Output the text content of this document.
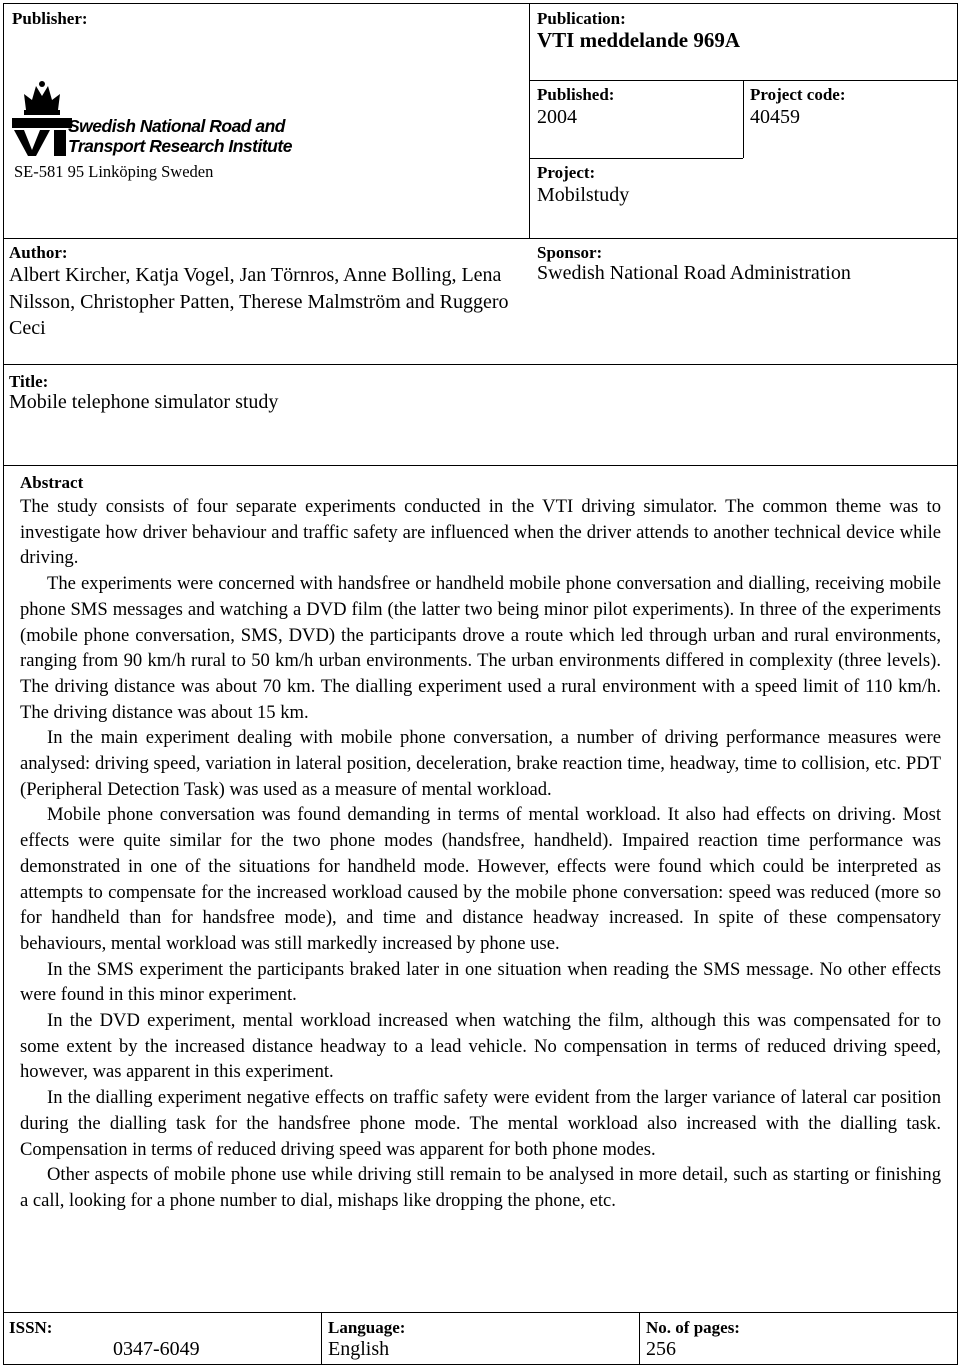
Publisher:
Swedish National Road and
Transport Research Institute
SE-581 95 Linköping Sweden
Publication:
VTI meddelande 969A
Published:
2004
Project code:
40459
Project:
Mobilstudy
Author:
Albert Kircher, Katja Vogel, Jan Törnros, Anne Bolling, Lena Nilsson, Christopher Patten, Therese Malmström and Ruggero Ceci
Sponsor:
Swedish National Road Administration
Title:
Mobile telephone simulator study
Abstract

The study consists of four separate experiments conducted in the VTI driving simulator. The common theme was to investigate how driver behaviour and traffic safety are influenced when the driver attends to another technical device while driving.

The experiments were concerned with handsfree or handheld mobile phone conversation and dialling, receiving mobile phone SMS messages and watching a DVD film (the latter two being minor pilot experiments). In three of the experiments (mobile phone conversation, SMS, DVD) the participants drove a route which led through urban and rural environments, ranging from 90 km/h rural to 50 km/h urban environments. The urban environments differed in complexity (three levels). The driving distance was about 70 km. The dialling experiment used a rural environment with a speed limit of 110 km/h. The driving distance was about 15 km.

In the main experiment dealing with mobile phone conversation, a number of driving performance measures were analysed: driving speed, variation in lateral position, deceleration, brake reaction time, headway, time to collision, etc. PDT (Peripheral Detection Task) was used as a measure of mental workload.

Mobile phone conversation was found demanding in terms of mental workload. It also had effects on driving. Most effects were quite similar for the two phone modes (handsfree, handheld). Impaired reaction time performance was demonstrated in one of the situations for handheld mode. However, effects were found which could be interpreted as attempts to compensate for the increased workload caused by the mobile phone conversation: speed was reduced (more so for handheld than for handsfree mode), and time and distance headway increased. In spite of these compensatory behaviours, mental workload was still markedly increased by phone use.

In the SMS experiment the participants braked later in one situation when reading the SMS message. No other effects were found in this minor experiment.

In the DVD experiment, mental workload increased when watching the film, although this was compensated for to some extent by the increased distance headway to a lead vehicle. No compensation in terms of reduced driving speed, however, was apparent in this experiment.

In the dialling experiment negative effects on traffic safety were evident from the larger variance of lateral car position during the dialling task for the handsfree phone mode. The mental workload also increased with the dialling task. Compensation in terms of reduced driving speed was apparent for both phone modes.

Other aspects of mobile phone use while driving still remain to be analysed in more detail, such as starting or finishing a call, looking for a phone number to dial, mishaps like dropping the phone, etc.

ISSN:
0347-6049
Language:
English
No. of pages:
256
